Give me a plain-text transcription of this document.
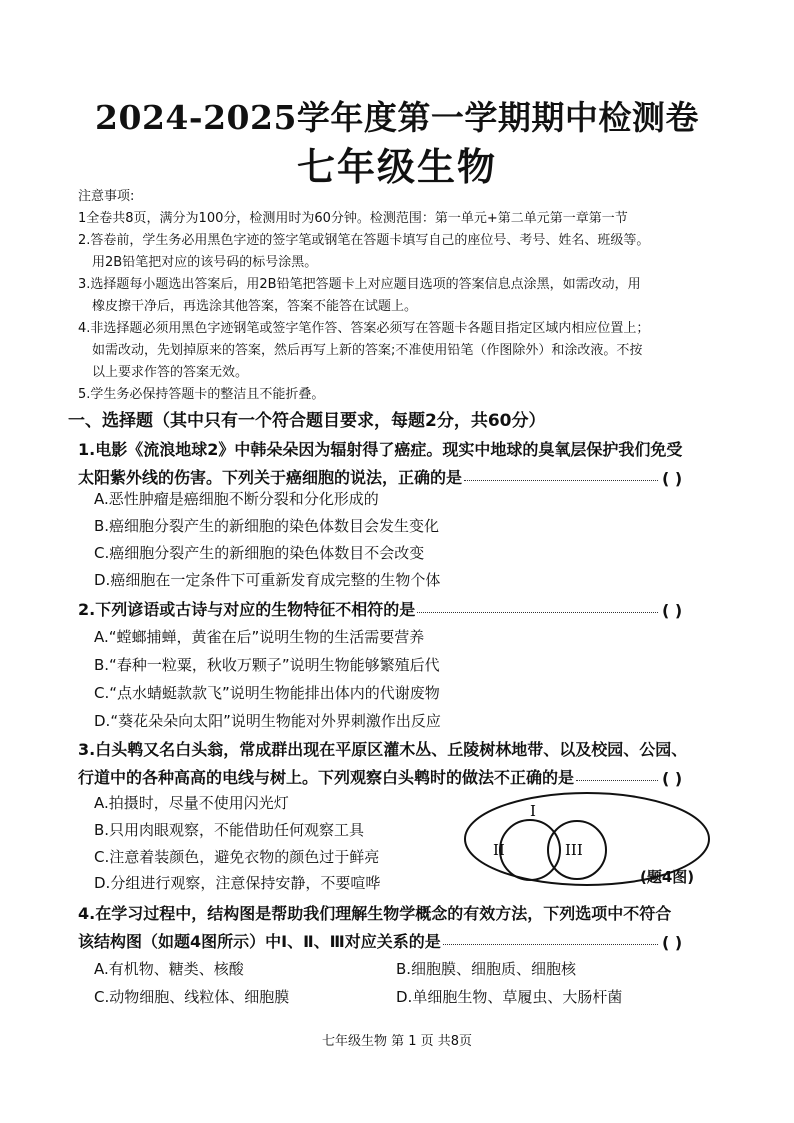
2024-2025学年度第一学期期中检测卷
七年级生物
注意事项:
1全卷共8页，满分为100分，检测用时为60分钟。检测范围：第一单元+第二单元第一章第一节
2.答卷前，学生务必用黑色字迹的签字笔或钢笔在答题卡填写自己的座位号、考号、姓名、班级等。
用2B铅笔把对应的该号码的标号涂黑。
3.选择题每小题选出答案后，用2B铅笔把答题卡上对应题目选项的答案信息点涂黑，如需改动，用
橡皮擦干净后，再选涂其他答案，答案不能答在试题上。
4.非选择题必须用黑色字迹钢笔或签字笔作答、答案必须写在答题卡各题目指定区域内相应位置上；
如需改动，先划掉原来的答案，然后再写上新的答案;不准使用铅笔（作图除外）和涂改液。不按
以上要求作答的答案无效。
5.学生务必保持答题卡的整洁且不能折叠。
一、选择题（其中只有一个符合题目要求，每题2分，共60分）
1.电影《流浪地球2》中韩朵朵因为辐射得了癌症。现实中地球的臭氧层保护我们免受
太阳紫外线的伤害。下列关于癌细胞的说法，正确的是	( )
A.恶性肿瘤是癌细胞不断分裂和分化形成的
B.癌细胞分裂产生的新细胞的染色体数目会发生变化
C.癌细胞分裂产生的新细胞的染色体数目不会改变
D.癌细胞在一定条件下可重新发育成完整的生物个体
2.下列谚语或古诗与对应的生物特征不相符的是	( )
A.“螳螂捕蝉，黄雀在后”说明生物的生活需要营养
B.“春种一粒粟，秋收万颗子”说明生物能够繁殖后代
C.“点水蜻蜓款款飞”说明生物能排出体内的代谢废物
D.“葵花朵朵向太阳”说明生物能对外界刺激作出反应
3.白头鹎又名白头翁，常成群出现在平原区灌木丛、丘陵树林地带、以及校园、公园、
行道中的各种高高的电线与树上。下列观察白头鹎时的做法不正确的是	( )
A.拍摄时，尽量不使用闪光灯
B.只用肉眼观察，不能借助任何观察工具
C.注意着装颜色，避免衣物的颜色过于鲜亮
D.分组进行观察，注意保持安静，不要喧哗
I
II	III
(题4图)
4.在学习过程中，结构图是帮助我们理解生物学概念的有效方法，下列选项中不符合
该结构图（如题4图所示）中Ⅰ、Ⅱ、Ⅲ对应关系的是	( )
A.有机物、糖类、核酸	B.细胞膜、细胞质、细胞核
C.动物细胞、线粒体、细胞膜	D.单细胞生物、草履虫、大肠杆菌
七年级生物 第 1 页 共8页
